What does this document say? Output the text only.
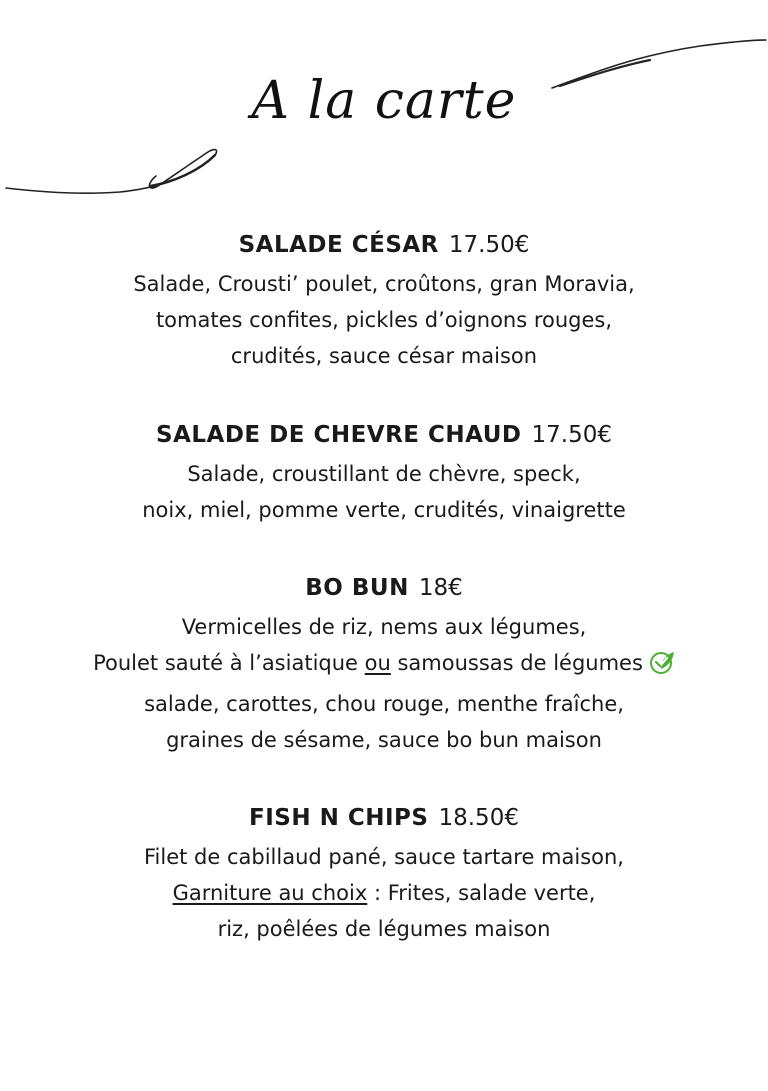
A la carte
SALADE CÉSAR 17.50€
Salade, Crousti’ poulet, croûtons, gran Moravia,
tomates confites, pickles d’oignons rouges,
crudités, sauce césar maison
SALADE DE CHEVRE CHAUD 17.50€
Salade, croustillant de chèvre, speck,
noix, miel, pomme verte, crudités, vinaigrette
BO BUN 18€
Vermicelles de riz, nems aux légumes,
Poulet sauté à l’asiatique ou samoussas de légumes
salade, carottes, chou rouge, menthe fraîche,
graines de sésame, sauce bo bun maison
FISH N CHIPS 18.50€
Filet de cabillaud pané, sauce tartare maison,
Garniture au choix : Frites, salade verte,
riz, poêlées de légumes maison
